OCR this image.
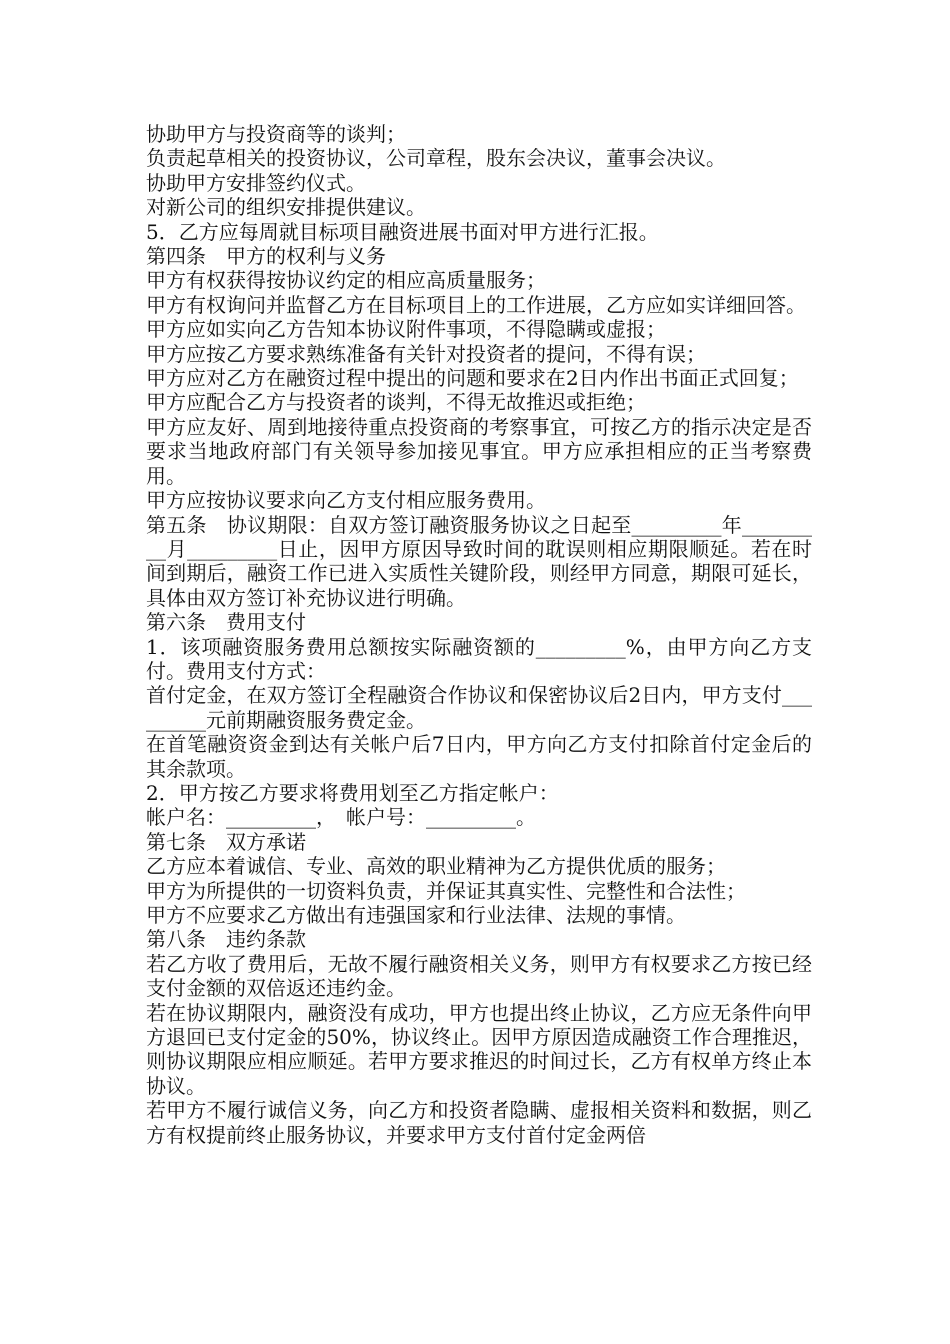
协助甲方与投资商等的谈判；

负责起草相关的投资协议，公司章程，股东会决议，董事会决议。

协助甲方安排签约仪式。

对新公司的组织安排提供建议。

5．乙方应每周就目标项目融资进展书面对甲方进行汇报。

第四条　甲方的权利与义务

甲方有权获得按协议约定的相应高质量服务；

甲方有权询问并监督乙方在目标项目上的工作进展，乙方应如实详细回答。

甲方应如实向乙方告知本协议附件事项，不得隐瞒或虚报；

甲方应按乙方要求熟练准备有关针对投资者的提问，不得有误；

甲方应对乙方在融资过程中提出的问题和要求在2日内作出书面正式回复；

甲方应配合乙方与投资者的谈判，不得无故推迟或拒绝；

甲方应友好、周到地接待重点投资商的考察事宜，可按乙方的指示决定是否要求当地政府部门有关领导参加接见事宜。甲方应承担相应的正当考察费用。

甲方应按协议要求向乙方支付相应服务费用。

第五条　协议期限：自双方签订融资服务协议之日起至_________年_________月_________日止，因甲方原因导致时间的耽误则相应期限顺延。若在时间到期后，融资工作已进入实质性关键阶段，则经甲方同意，期限可延长，具体由双方签订补充协议进行明确。

第六条　费用支付

1．该项融资服务费用总额按实际融资额的_________%，由甲方向乙方支付。费用支付方式：

首付定金，在双方签订全程融资合作协议和保密协议后2日内，甲方支付_________元前期融资服务费定金。

在首笔融资资金到达有关帐户后7日内，甲方向乙方支付扣除首付定金后的其余款项。

2．甲方按乙方要求将费用划至乙方指定帐户：

帐户名：_________，　帐户号：_________。

第七条　双方承诺

乙方应本着诚信、专业、高效的职业精神为乙方提供优质的服务；

甲方为所提供的一切资料负责，并保证其真实性、完整性和合法性；

甲方不应要求乙方做出有违强国家和行业法律、法规的事情。

第八条　违约条款

若乙方收了费用后，无故不履行融资相关义务，则甲方有权要求乙方按已经支付金额的双倍返还违约金。

若在协议期限内，融资没有成功，甲方也提出终止协议，乙方应无条件向甲方退回已支付定金的50%，协议终止。因甲方原因造成融资工作合理推迟，则协议期限应相应顺延。若甲方要求推迟的时间过长，乙方有权单方终止本协议。

若甲方不履行诚信义务，向乙方和投资者隐瞒、虚报相关资料和数据，则乙方有权提前终止服务协议，并要求甲方支付首付定金两倍
